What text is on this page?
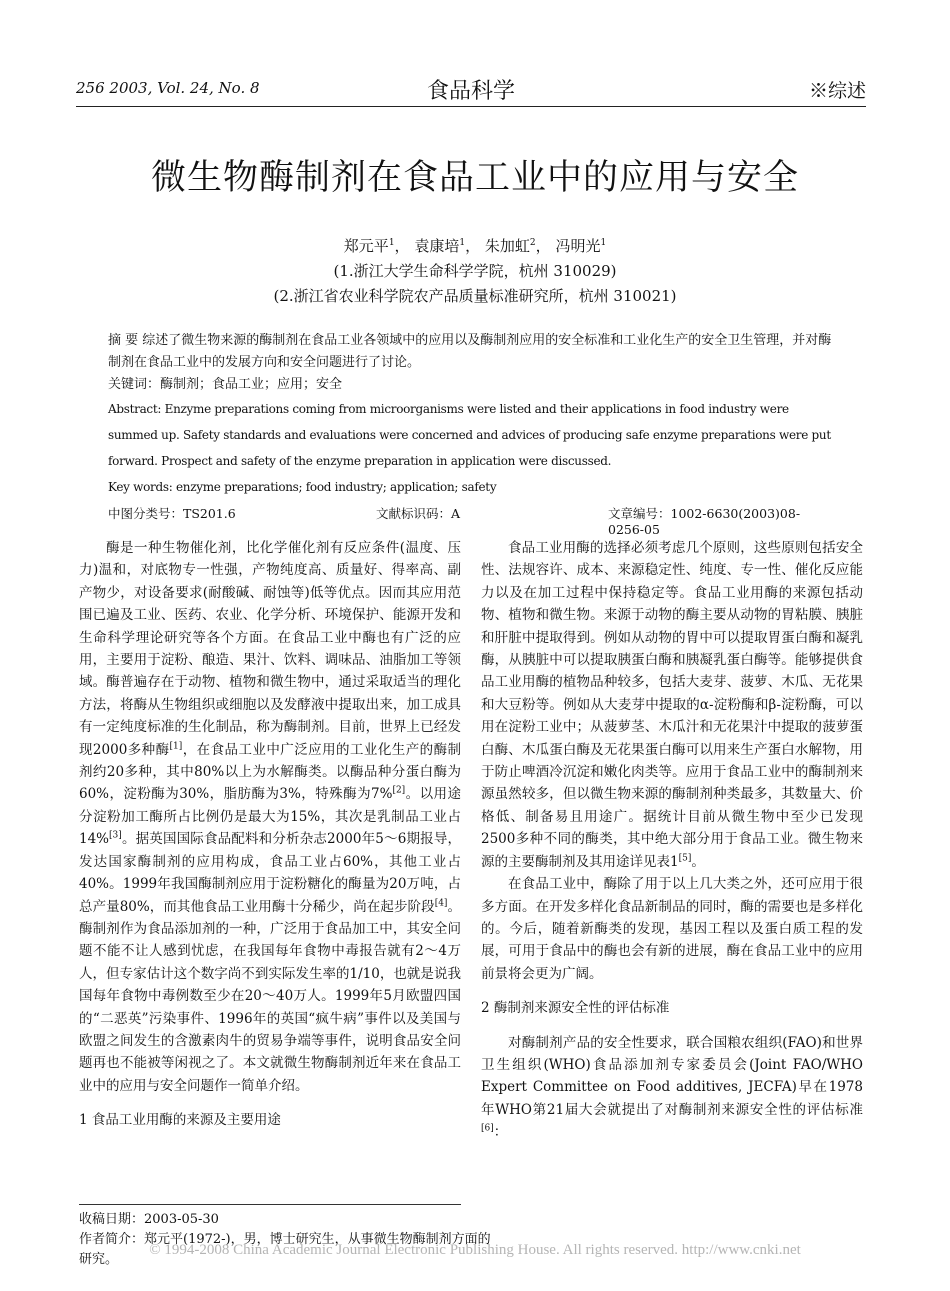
256 2003, Vol. 24, No. 8	食品科学	※综述
微生物酶制剂在食品工业中的应用与安全
郑元平$^1$， 袁康培$^1$， 朱加虹$^2$， 冯明光$^1$
(1.浙江大学生命科学学院，杭州 310029)
(2.浙江省农业科学院农产品质量标准研究所，杭州 310021)

摘 要 综述了微生物来源的酶制剂在食品工业各领域中的应用以及酶制剂应用的安全标准和工业化生产的安全卫生管理，并对酶制剂在食品工业中的发展方向和安全问题进行了讨论。

关键词：酶制剂；食品工业；应用；安全

Abstract: Enzyme preparations coming from microorganisms were listed and their applications in food industry were summed up. Safety standards and evaluations were concerned and advices of producing safe enzyme preparations were put forward. Prospect and safety of the enzyme preparation in application were discussed.

Key words: enzyme preparations; food industry; application; safety

中图分类号：TS201.6	文献标识码：A	文章编号：1002-6630(2003)08-0256-05

酶是一种生物催化剂，比化学催化剂有反应条件(温度、压力)温和，对底物专一性强，产物纯度高、质量好、得率高、副产物少，对设备要求(耐酸碱、耐蚀等)低等优点。因而其应用范围已遍及工业、医药、农业、化学分析、环境保护、能源开发和生命科学理论研究等各个方面。在食品工业中酶也有广泛的应用，主要用于淀粉、酿造、果汁、饮料、调味品、油脂加工等领域。酶普遍存在于动物、植物和微生物中，通过采取适当的理化方法，将酶从生物组织或细胞以及发酵液中提取出来，加工成具有一定纯度标准的生化制品，称为酶制剂。目前，世界上已经发现2000多种酶[1]，在食品工业中广泛应用的工业化生产的酶制剂约20多种，其中80%以上为水解酶类。以酶品种分蛋白酶为60%，淀粉酶为30%，脂肪酶为3%，特殊酶为7%[2]。以用途分淀粉加工酶所占比例仍是最大为15%，其次是乳制品工业占14%[3]。据英国国际食品配料和分析杂志2000年5～6期报导，发达国家酶制剂的应用构成，食品工业占60%，其他工业占40%。1999年我国酶制剂应用于淀粉糖化的酶量为20万吨，占总产量80%，而其他食品工业用酶十分稀少，尚在起步阶段[4]。酶制剂作为食品添加剂的一种，广泛用于食品加工中，其安全问题不能不让人感到忧虑，在我国每年食物中毒报告就有2～4万人，但专家估计这个数字尚不到实际发生率的1/10，也就是说我国每年食物中毒例数至少在20～40万人。1999年5月欧盟四国的“二恶英”污染事件、1996年的英国“疯牛病”事件以及美国与欧盟之间发生的含激素肉牛的贸易争端等事件，说明食品安全问题再也不能被等闲视之了。本文就微生物酶制剂近年来在食品工业中的应用与安全问题作一简单介绍。

1 食品工业用酶的来源及主要用途

食品工业用酶的选择必须考虑几个原则，这些原则包括安全性、法规容许、成本、来源稳定性、纯度、专一性、催化反应能力以及在加工过程中保持稳定等。食品工业用酶的来源包括动物、植物和微生物。来源于动物的酶主要从动物的胃粘膜、胰脏和肝脏中提取得到。例如从动物的胃中可以提取胃蛋白酶和凝乳酶，从胰脏中可以提取胰蛋白酶和胰凝乳蛋白酶等。能够提供食品工业用酶的植物品种较多，包括大麦芽、菠萝、木瓜、无花果和大豆粉等。例如从大麦芽中提取的α-淀粉酶和β-淀粉酶，可以用在淀粉工业中；从菠萝茎、木瓜汁和无花果汁中提取的菠萝蛋白酶、木瓜蛋白酶及无花果蛋白酶可以用来生产蛋白水解物，用于防止啤酒冷沉淀和嫩化肉类等。应用于食品工业中的酶制剂来源虽然较多，但以微生物来源的酶制剂种类最多，其数量大、价格低、制备易且用途广。据统计目前从微生物中至少已发现2500多种不同的酶类，其中绝大部分用于食品工业。微生物来源的主要酶制剂及其用途详见表1[5]。

在食品工业中，酶除了用于以上几大类之外，还可应用于很多方面。在开发多样化食品新制品的同时，酶的需要也是多样化的。今后，随着新酶类的发现，基因工程以及蛋白质工程的发展，可用于食品中的酶也会有新的进展，酶在食品工业中的应用前景将会更为广阔。

2 酶制剂来源安全性的评估标准

对酶制剂产品的安全性要求，联合国粮农组织(FAO)和世界卫生组织(WHO)食品添加剂专家委员会(Joint FAO/WHO Expert Committee on Food additives, JECFA)早在1978年WHO第21届大会就提出了对酶制剂来源安全性的评估标准[6]：

收稿日期：2003-05-30
作者简介：郑元平(1972-)，男，博士研究生，从事微生物酶制剂方面的研究。
© 1994-2008 China Academic Journal Electronic Publishing House. All rights reserved. http://www.cnki.net
